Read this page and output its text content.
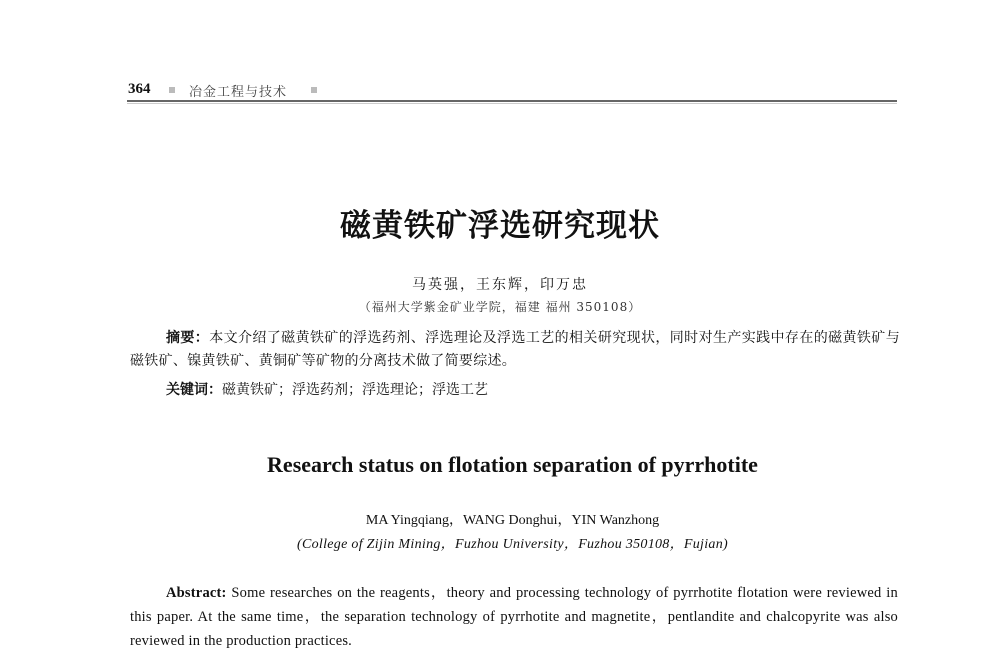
364	冶金工程与技术
磁黄铁矿浮选研究现状
马英强，王东辉，印万忠
（福州大学紫金矿业学院，福建 福州 350108）
摘要：本文介绍了磁黄铁矿的浮选药剂、浮选理论及浮选工艺的相关研究现状，同时对生产实践中存在的磁黄铁矿与磁铁矿、镍黄铁矿、黄铜矿等矿物的分离技术做了简要综述。
关键词：磁黄铁矿；浮选药剂；浮选理论；浮选工艺
Research status on flotation separation of pyrrhotite
MA Yingqiang，WANG Donghui，YIN Wanzhong
(College of Zijin Mining，Fuzhou University，Fuzhou 350108，Fujian)
Abstract: Some researches on the reagents，theory and processing technology of pyrrhotite flotation were reviewed in this paper. At the same time，the separation technology of pyrrhotite and magnetite，pentlandite and chalcopyrite was also reviewed in the production practices.
